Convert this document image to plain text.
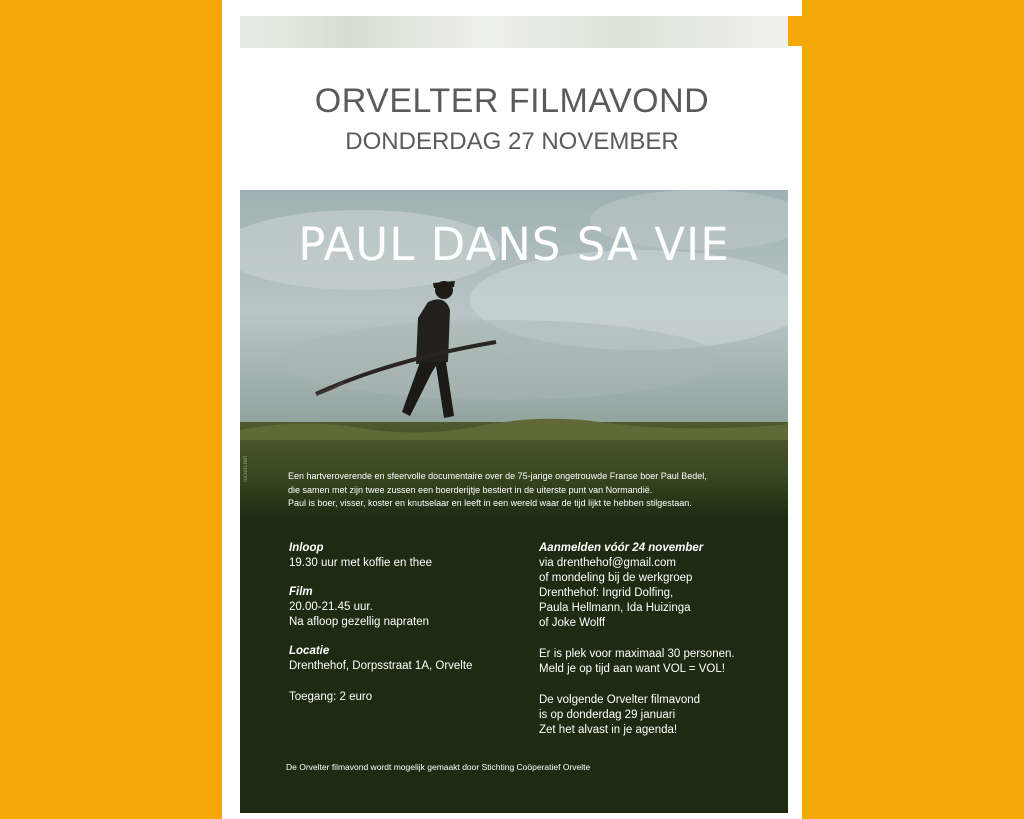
ORVELTER FILMAVOND
DONDERDAG 27 NOVEMBER
PAUL DANS SA VIE
lucien.net	Een hartveroverende en sfeervolle documentaire over de 75-jarige ongetrouwde Franse boer Paul Bedel,
die samen met zijn twee zussen een boerderijtje bestiert in de uiterste punt van Normandië.
Paul is boer, visser, koster en knutselaar en leeft in een wereld waar de tijd lijkt te hebben stilgestaan.
Inloop
19.30 uur met koffie en thee
Film
20.00-21.45 uur.
Na afloop gezellig napraten
Locatie
Drenthehof, Dorpsstraat 1A, Orvelte
Toegang: 2 euro
Aanmelden vóór 24 november
via drenthehof@gmail.com
of mondeling bij de werkgroep
Drenthehof: Ingrid Dolfing,
Paula Hellmann, Ida Huizinga
of Joke Wolff
Er is plek voor maximaal 30 personen.
Meld je op tijd aan want VOL = VOL!
De volgende Orvelter filmavond
is op donderdag 29 januari
Zet het alvast in je agenda!
De Orvelter filmavond wordt mogelijk gemaakt door Stichting Coöperatief Orvelte
